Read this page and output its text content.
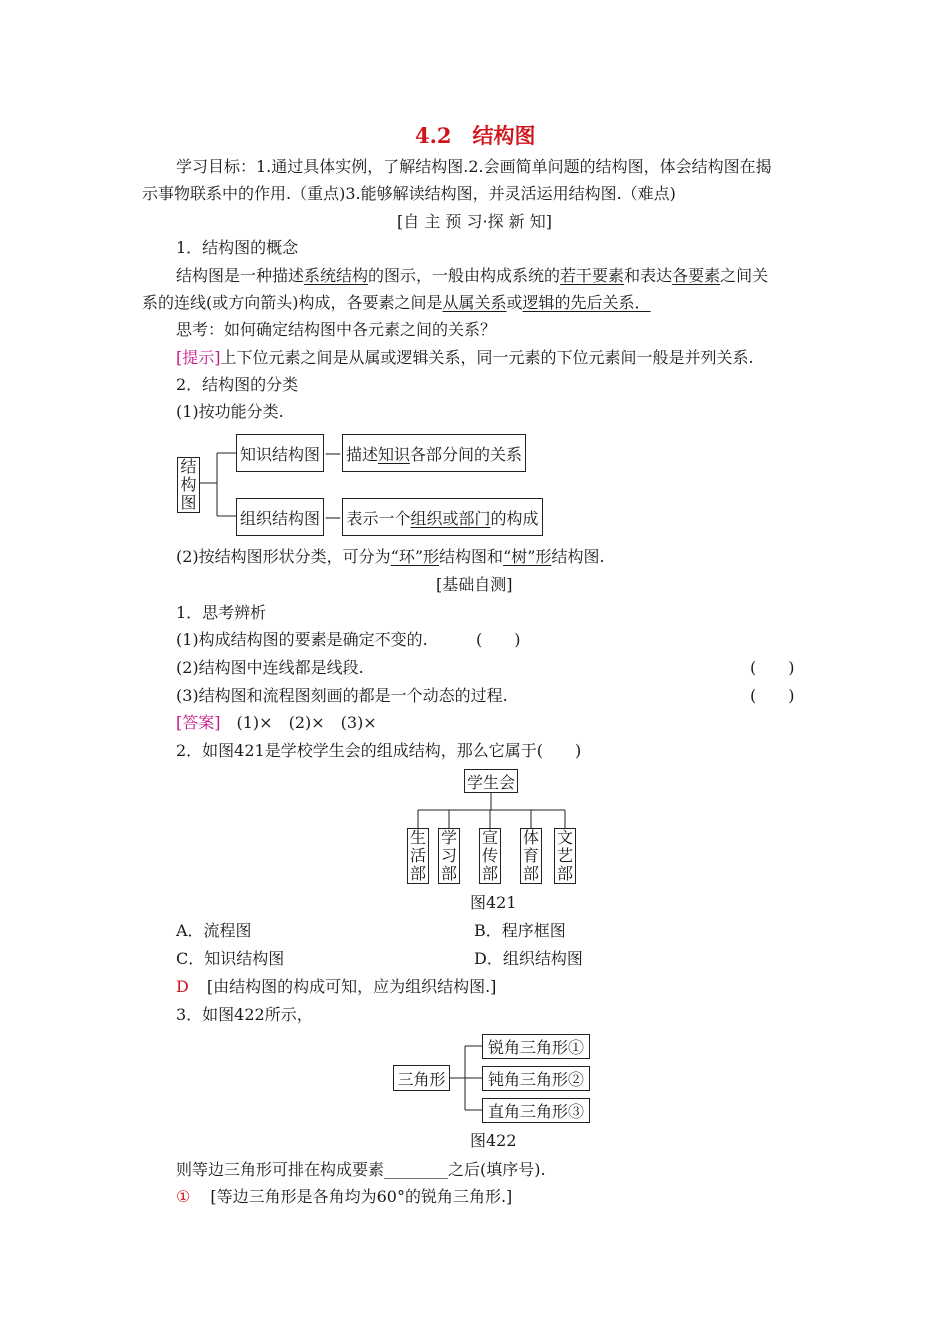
4.2　结构图
学习目标：1.通过具体实例，了解结构图.2.会画简单问题的结构图，体会结构图在揭
示事物联系中的作用.（重点)3.能够解读结构图，并灵活运用结构图.（难点)
[自 主 预 习·探 新 知]
1．结构图的概念
结构图是一种描述系统结构的图示，一般由构成系统的若干要素和表达各要素之间关
系的连线(或方向箭头)构成，各要素之间是从属关系或逻辑的先后关系．
思考：如何确定结构图中各元素之间的关系？
[提示]上下位元素之间是从属或逻辑关系，同一元素的下位元素间一般是并列关系.
2．结构图的分类
(1)按功能分类.
结
构
图
知识结构图 — 描述 知识 各部分间的关系
组织结构图 — 表示一个 组织或部门 的构成
(2)按结构图形状分类，可分为“环”形结构图和“树”形结构图.
[基础自测]
1．思考辨析
(1)构成结构图的要素是确定不变的.	(　　)
(2)结构图中连线都是线段.	(　　)
(3)结构图和流程图刻画的都是一个动态的过程.	(　　)
[答案]　(1)×　(2)×　(3)×
2．如图421是学校学生会的组成结构，那么它属于(　　)
学生会
生
活
部
学
习
部
宣
传
部
体
育
部
文
艺
部
图421
A．流程图	B．程序框图
C．知识结构图	D．组织结构图
D [由结构图的构成可知，应为组织结构图.]
3．如图422所示，
三角形
锐角三角形①
钝角三角形②
直角三角形③
图422
则等边三角形可排在构成要素________之后(填序号).
① [等边三角形是各角均为60°的锐角三角形.]
